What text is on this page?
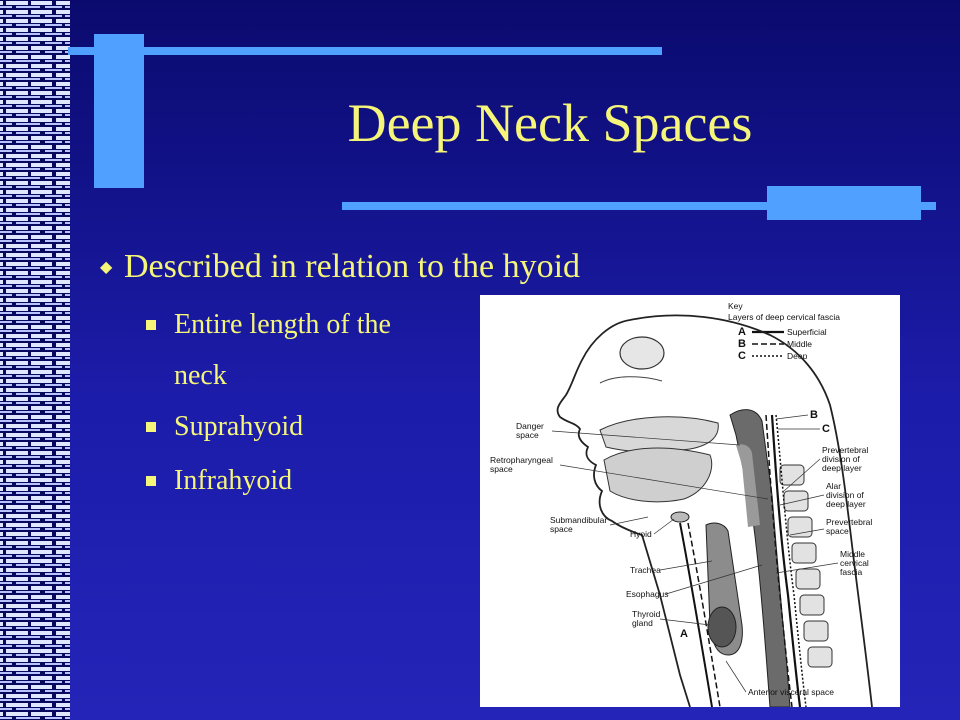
Deep Neck Spaces
◆ Described in relation to the hyoid
Entire length of the
neck
Suprahyoid
Infrahyoid
Key
Layers of deep cervical fascia
A	Superficial
B	Middle
C	Deep
Danger
space
Retropharyngeal
space
Submandibular
space	Hyoid
Trachea
Esophagus
Thyroid
gland
A
B
C
Prevertebral
division of
deep layer
Alar
division of
deep layer
Prevertebral
space
Middle
cervical
fascia
Anterior visceral space
